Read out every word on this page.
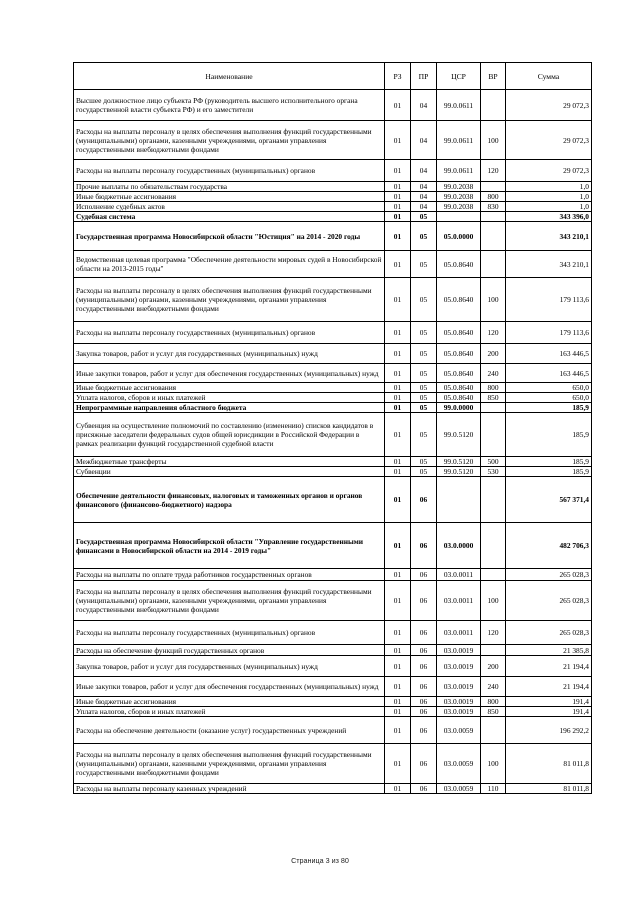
Наименование	РЗ	ПР	ЦСР	ВР	Сумма
Высшее должностное лицо субъекта РФ (руководитель высшего исполнительного органа государственной власти субъекта РФ) и его заместители	01	04	99.0.0611		29 072,3
Расходы на выплаты персоналу в целях обеспечения выполнения функций государственными (муниципальными) органами, казенными учреждениями, органами управления государственными внебюджетными фондами	01	04	99.0.0611	100	29 072,3
Расходы на выплаты персоналу государственных (муниципальных) органов	01	04	99.0.0611	120	29 072,3
Прочие выплаты по обязательствам государства	01	04	99.0.2038		1,0
Иные бюджетные ассигнования	01	04	99.0.2038	800	1,0
Исполнение судебных актов	01	04	99.0.2038	830	1,0
Судебная система	01	05			343 396,0
Государственная программа Новосибирской области "Юстиция" на 2014 - 2020 годы	01	05	05.0.0000		343 210,1
Ведомственная целевая программа "Обеспечение деятельности мировых судей в Новосибирской области на 2013-2015 годы"	01	05	05.0.8640		343 210,1
Расходы на выплаты персоналу в целях обеспечения выполнения функций государственными (муниципальными) органами, казенными учреждениями, органами управления государственными внебюджетными фондами	01	05	05.0.8640	100	179 113,6
Расходы на выплаты персоналу государственных (муниципальных) органов	01	05	05.0.8640	120	179 113,6
Закупка товаров, работ и услуг для государственных (муниципальных) нужд	01	05	05.0.8640	200	163 446,5
Иные закупки товаров, работ и услуг для обеспечения государственных (муниципальных) нужд	01	05	05.0.8640	240	163 446,5
Иные бюджетные ассигнования	01	05	05.0.8640	800	650,0
Уплата налогов, сборов и иных платежей	01	05	05.0.8640	850	650,0
Непрограммные направления областного бюджета	01	05	99.0.0000		185,9
Субвенция на осуществление полномочий по составлению (изменению) списков кандидатов в присяжные заседатели федеральных судов общей юрисдикции в Российской Федерации в рамках реализации функций государственной судебной власти	01	05	99.0.5120		185,9
Межбюджетные трансферты	01	05	99.0.5120	500	185,9
Субвенции	01	05	99.0.5120	530	185,9
Обеспечение деятельности финансовых, налоговых и таможенных органов и органов финансового (финансово-бюджетного) надзора	01	06			567 371,4
Государственная программа Новосибирской области "Управление государственными финансами в Новосибирской области на 2014 - 2019 годы"	01	06	03.0.0000		482 706,3
Расходы на выплаты по оплате труда работников государственных органов	01	06	03.0.0011		265 028,3
Расходы на выплаты персоналу в целях обеспечения выполнения функций государственными (муниципальными) органами, казенными учреждениями, органами управления государственными внебюджетными фондами	01	06	03.0.0011	100	265 028,3
Расходы на выплаты персоналу государственных (муниципальных) органов	01	06	03.0.0011	120	265 028,3
Расходы на обеспечение функций государственных органов	01	06	03.0.0019		21 385,8
Закупка товаров, работ и услуг для государственных (муниципальных) нужд	01	06	03.0.0019	200	21 194,4
Иные закупки товаров, работ и услуг для обеспечения государственных (муниципальных) нужд	01	06	03.0.0019	240	21 194,4
Иные бюджетные ассигнования	01	06	03.0.0019	800	191,4
Уплата налогов, сборов и иных платежей	01	06	03.0.0019	850	191,4
Расходы на обеспечение деятельности (оказание услуг) государственных учреждений	01	06	03.0.0059		196 292,2
Расходы на выплаты персоналу в целях обеспечения выполнения функций государственными (муниципальными) органами, казенными учреждениями, органами управления государственными внебюджетными фондами	01	06	03.0.0059	100	81 011,8
Расходы на выплаты персоналу казенных учреждений	01	06	03.0.0059	110	81 011,8
Страница 3 из 80
